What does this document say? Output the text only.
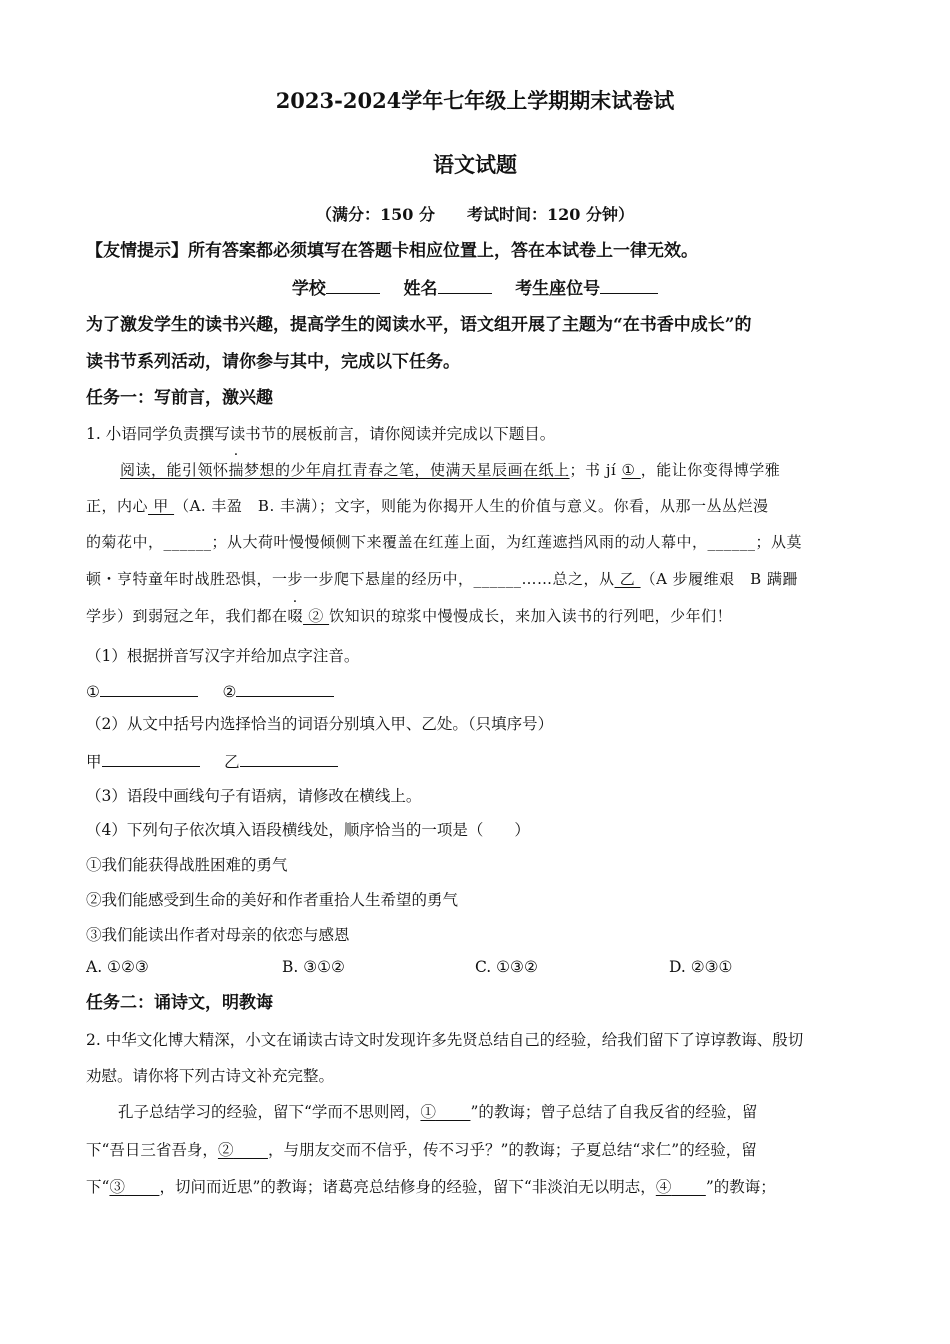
2023-2024学年七年级上学期期末试卷试
语文试题
（满分：150 分　　考试时间：120 分钟）
【友情提示】所有答案都必须填写在答题卡相应位置上，答在本试卷上一律无效。
学校	姓名	考生座位号
为了激发学生的读书兴趣，提高学生的阅读水平，语文组开展了主题为“在书香中成长”的
读书节系列活动，请你参与其中，完成以下任务。
任务一：写前言，激兴趣
1. 小语同学负责撰写读书节的展板前言，请你阅读并完成以下题目。
阅读，能引领怀揣梦想的少年肩扛青春之笔，使满天星辰画在纸上；书 jí ① ，能让你变得博学雅
正，内心 甲 （A. 丰盈　B. 丰满）；文字，则能为你揭开人生的价值与意义。你看，从那一丛丛烂漫
的菊花中，______；从大荷叶慢慢倾侧下来覆盖在红莲上面，为红莲遮挡风雨的动人幕中，______；从莫
顿・亨特童年时战胜恐惧，一步一步爬下悬崖的经历中，______……总之，从 乙 （A 步履维艰　B 蹒跚
学步）到弱冠之年，我们都在啜 ② 饮知识的琼浆中慢慢成长，来加入读书的行列吧，少年们！
（1）根据拼音写汉字并给加点字注音。
①	②
（2）从文中括号内选择恰当的词语分别填入甲、乙处。（只填序号）
甲	乙
（3）语段中画线句子有语病，请修改在横线上。
（4）下列句子依次填入语段横线处，顺序恰当的一项是（　　）
①我们能获得战胜困难的勇气
②我们能感受到生命的美好和作者重拾人生希望的勇气
③我们能读出作者对母亲的依恋与感恩
A. ①②③	B. ③①②	C. ①③②	D. ②③①
任务二：诵诗文，明教诲
2. 中华文化博大精深，小文在诵读古诗文时发现许多先贤总结自己的经验，给我们留下了谆谆教诲、殷切
劝慰。请你将下列古诗文补充完整。
孔子总结学习的经验，留下“学而不思则罔，① ”的教诲；曾子总结了自我反省的经验，留
下“吾日三省吾身，② ，与朋友交而不信乎，传不习乎？”的教诲；子夏总结“求仁”的经验，留
下“③ ，切问而近思”的教诲；诸葛亮总结修身的经验，留下“非淡泊无以明志，④ ”的教诲；
